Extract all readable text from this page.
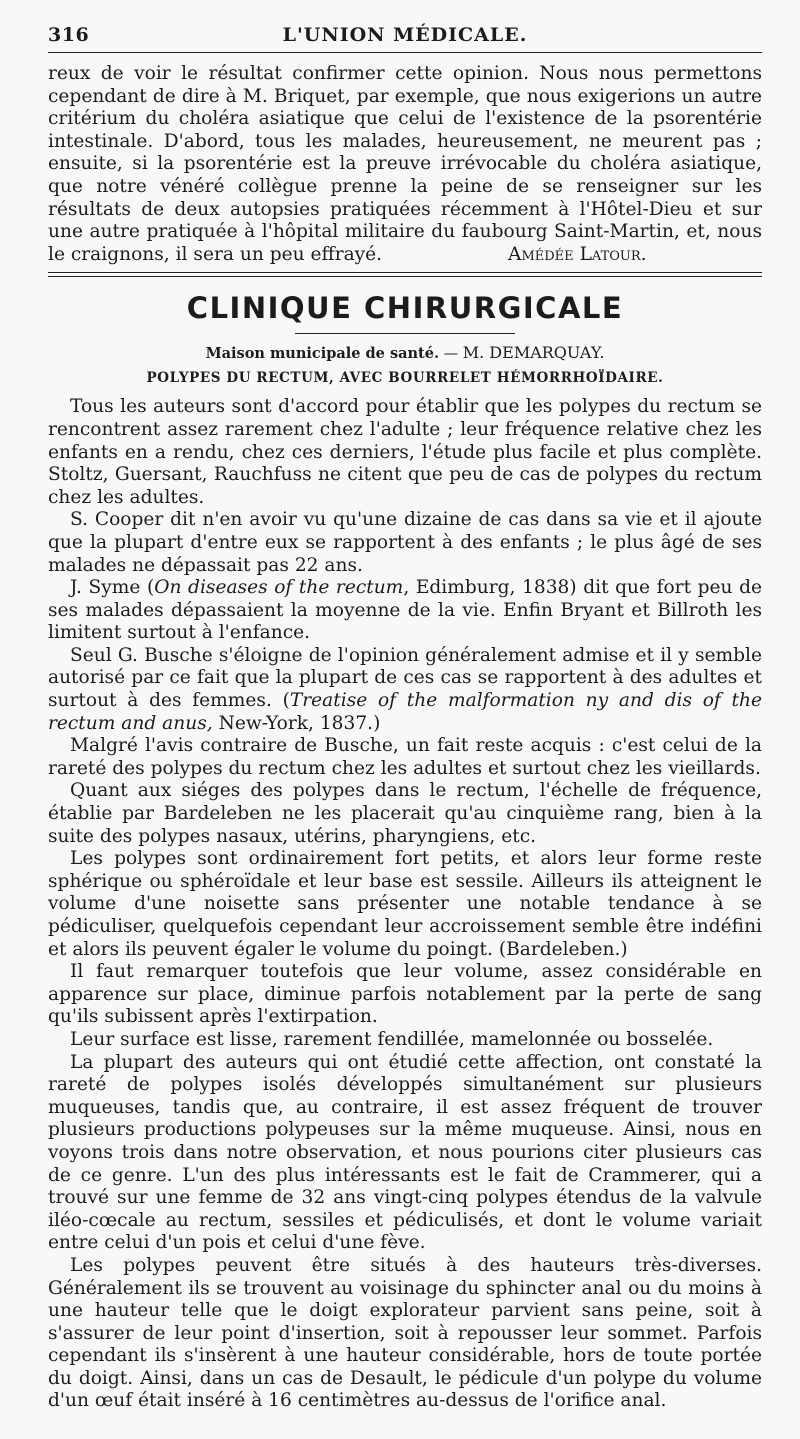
316	L'UNION MÉDICALE.

reux de voir le résultat confirmer cette opinion. Nous nous permettons cependant de dire à M. Briquet, par exemple, que nous exigerions un autre critérium du choléra asiatique que celui de l'existence de la psorentérie intestinale. D'abord, tous les malades, heureusement, ne meurent pas ; ensuite, si la psorentérie est la preuve irrévocable du choléra asiatique, que notre vénéré collègue prenne la peine de se renseigner sur les résultats de deux autopsies pratiquées récemment à l'Hôtel-Dieu et sur une autre pratiquée à l'hôpital militaire du faubourg Saint-Martin, et, nous le craignons, il sera un peu effrayé.	Amédée Latour.

CLINIQUE CHIRURGICALE
Maison municipale de santé. — M. DEMARQUAY.
POLYPES DU RECTUM, AVEC BOURRELET HÉMORRHOÏDAIRE.

Tous les auteurs sont d'accord pour établir que les polypes du rectum se rencontrent assez rarement chez l'adulte ; leur fréquence relative chez les enfants en a rendu, chez ces derniers, l'étude plus facile et plus complète. Stoltz, Guersant, Rauchfuss ne citent que peu de cas de polypes du rectum chez les adultes.

S. Cooper dit n'en avoir vu qu'une dizaine de cas dans sa vie et il ajoute que la plupart d'entre eux se rapportent à des enfants ; le plus âgé de ses malades ne dépassait pas 22 ans.

J. Syme (On diseases of the rectum, Edimburg, 1838) dit que fort peu de ses malades dépassaient la moyenne de la vie. Enfin Bryant et Billroth les limitent surtout à l'enfance.

Seul G. Busche s'éloigne de l'opinion généralement admise et il y semble autorisé par ce fait que la plupart de ces cas se rapportent à des adultes et surtout à des femmes. (Treatise of the malformation ny and dis of the rectum and anus, New-York, 1837.)

Malgré l'avis contraire de Busche, un fait reste acquis : c'est celui de la rareté des polypes du rectum chez les adultes et surtout chez les vieillards.

Quant aux siéges des polypes dans le rectum, l'échelle de fréquence, établie par Bardeleben ne les placerait qu'au cinquième rang, bien à la suite des polypes nasaux, utérins, pharyngiens, etc.

Les polypes sont ordinairement fort petits, et alors leur forme reste sphérique ou sphéroïdale et leur base est sessile. Ailleurs ils atteignent le volume d'une noisette sans présenter une notable tendance à se pédiculiser, quelquefois cependant leur accroissement semble être indéfini et alors ils peuvent égaler le volume du poingt. (Bardeleben.)

Il faut remarquer toutefois que leur volume, assez considérable en apparence sur place, diminue parfois notablement par la perte de sang qu'ils subissent après l'extirpation.

Leur surface est lisse, rarement fendillée, mamelonnée ou bosselée.

La plupart des auteurs qui ont étudié cette affection, ont constaté la rareté de polypes isolés développés simultanément sur plusieurs muqueuses, tandis que, au contraire, il est assez fréquent de trouver plusieurs productions polypeuses sur la même muqueuse. Ainsi, nous en voyons trois dans notre observation, et nous pourions citer plusieurs cas de ce genre. L'un des plus intéressants est le fait de Crammerer, qui a trouvé sur une femme de 32 ans vingt-cinq polypes étendus de la valvule iléo-cœcale au rectum, sessiles et pédiculisés, et dont le volume variait entre celui d'un pois et celui d'une fève.

Les polypes peuvent être situés à des hauteurs très-diverses. Généralement ils se trouvent au voisinage du sphincter anal ou du moins à une hauteur telle que le doigt explorateur parvient sans peine, soit à s'assurer de leur point d'insertion, soit à repousser leur sommet. Parfois cependant ils s'insèrent à une hauteur considérable, hors de toute portée du doigt. Ainsi, dans un cas de Desault, le pédicule d'un polype du volume d'un œuf était inséré à 16 centimètres au-dessus de l'orifice anal.
